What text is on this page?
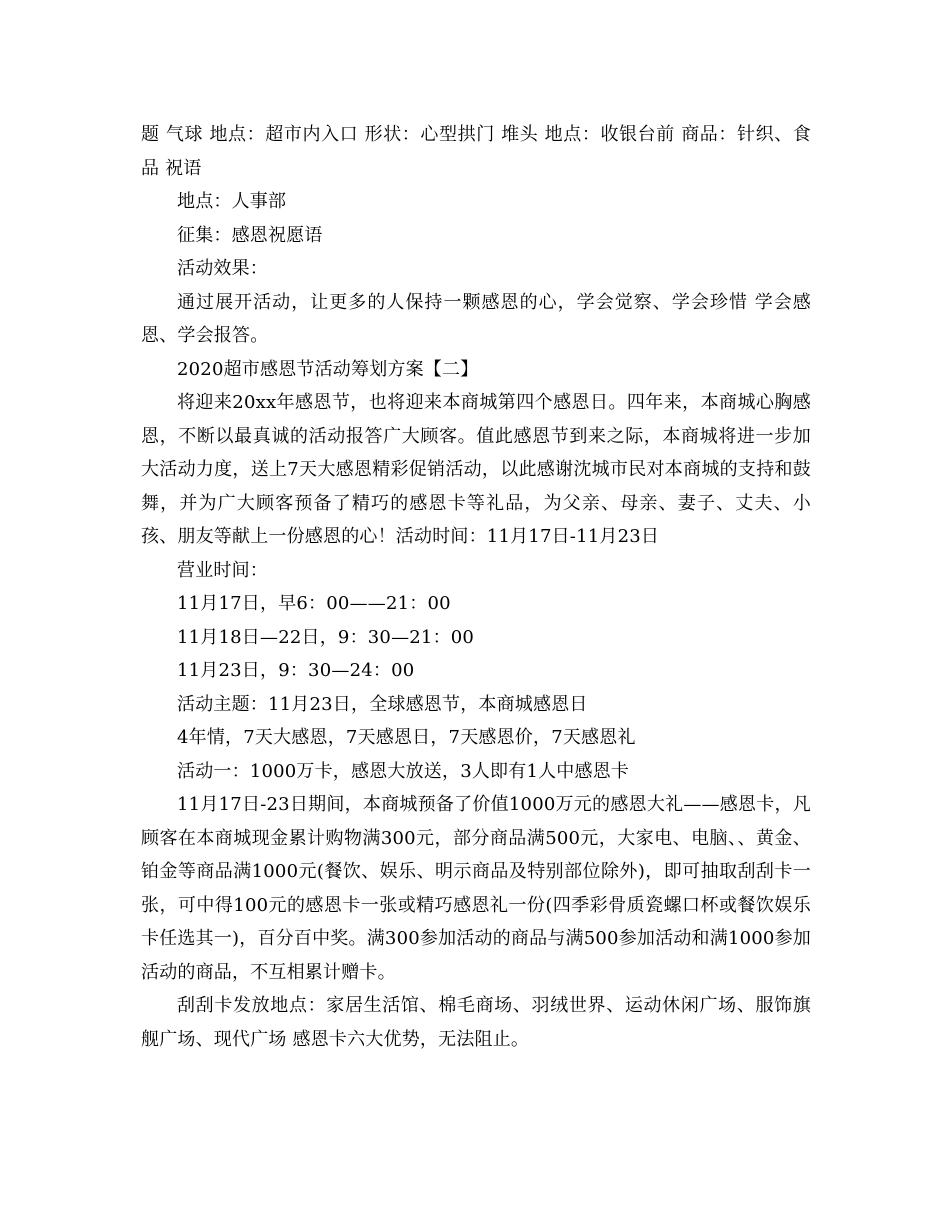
题 气球 地点：超市内入口 形状：心型拱门 堆头 地点：收银台前 商品：针织、食品 祝语

地点：人事部

征集：感恩祝愿语

活动效果：

通过展开活动，让更多的人保持一颗感恩的心，学会觉察、学会珍惜 学会感恩、学会报答。

2020超市感恩节活动筹划方案【二】

将迎来20xx年感恩节，也将迎来本商城第四个感恩日。四年来，本商城心胸感恩，不断以最真诚的活动报答广大顾客。值此感恩节到来之际，本商城将进一步加大活动力度，送上7天大感恩精彩促销活动，以此感谢沈城市民对本商城的支持和鼓舞，并为广大顾客预备了精巧的感恩卡等礼品，为父亲、母亲、妻子、丈夫、小孩、朋友等献上一份感恩的心！活动时间：11月17日-11月23日

营业时间：

11月17日，早6：00——21：00

11月18日—22日，9：30—21：00

11月23日，9：30—24：00

活动主题：11月23日，全球感恩节，本商城感恩日

4年情，7天大感恩，7天感恩日，7天感恩价，7天感恩礼

活动一：1000万卡，感恩大放送，3人即有1人中感恩卡

11月17日-23日期间，本商城预备了价值1000万元的感恩大礼——感恩卡，凡顾客在本商城现金累计购物满300元，部分商品满500元，大家电、电脑、、黄金、铂金等商品满1000元(餐饮、娱乐、明示商品及特别部位除外)，即可抽取刮刮卡一张，可中得100元的感恩卡一张或精巧感恩礼一份(四季彩骨质瓷螺口杯或餐饮娱乐卡任选其一)，百分百中奖。满300参加活动的商品与满500参加活动和满1000参加活动的商品，不互相累计赠卡。

刮刮卡发放地点：家居生活馆、棉毛商场、羽绒世界、运动休闲广场、服饰旗舰广场、现代广场 感恩卡六大优势，无法阻止。
